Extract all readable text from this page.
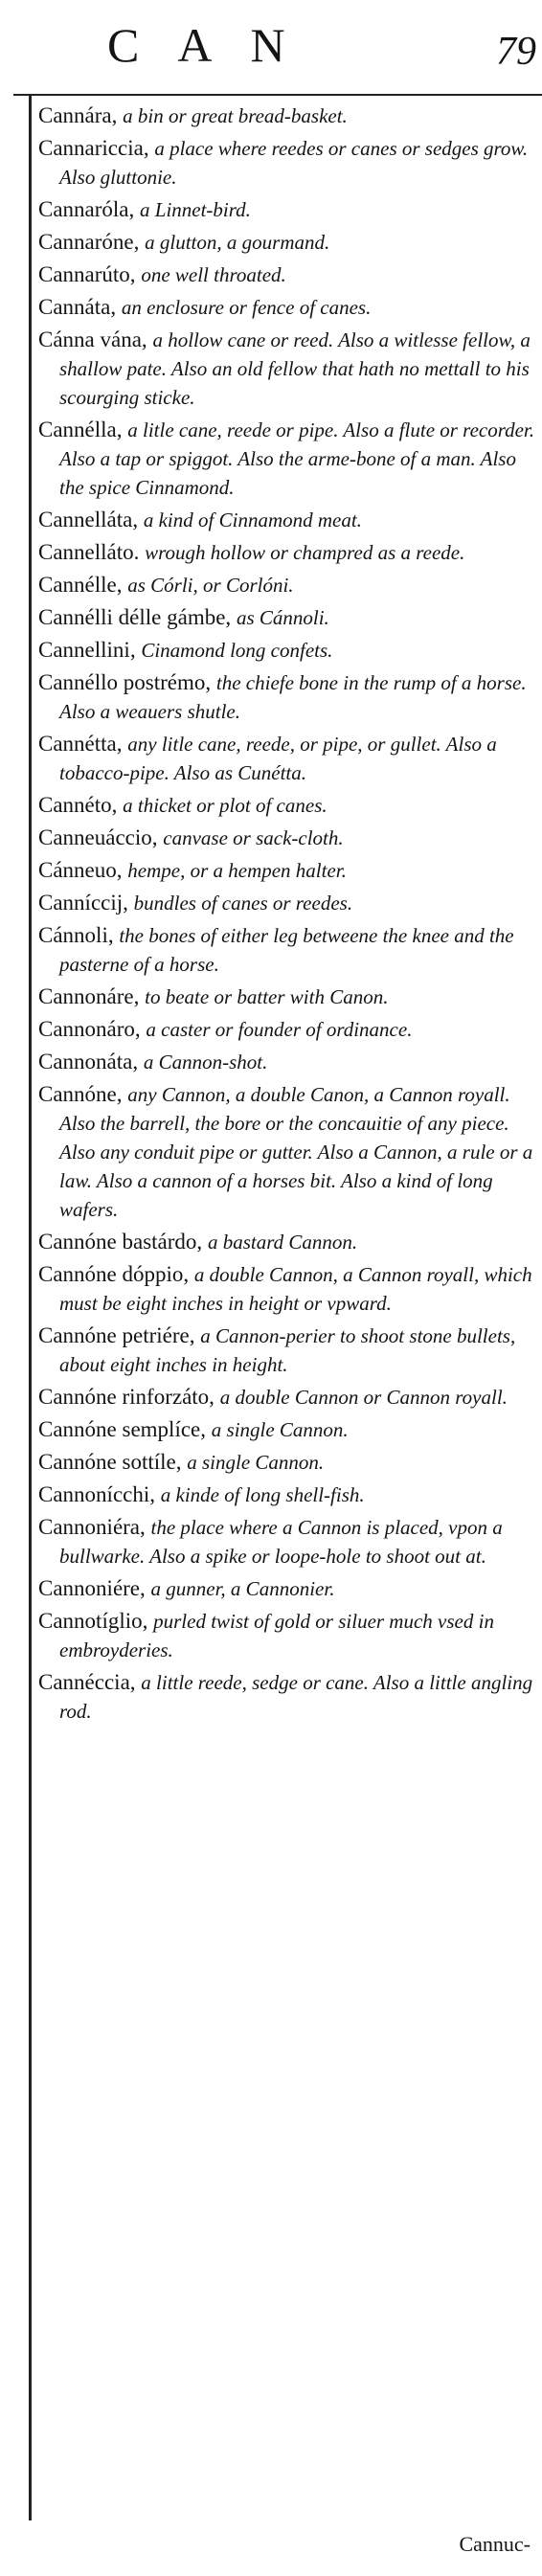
CAN	79

Cannára, a bin or great bread-basket.

Cannariccia, a place where reedes or canes or sedges grow. Also gluttonie.

Cannaróla, a Linnet-bird.

Cannaróne, a glutton, a gourmand.

Cannarúto, one well throated.

Cannáta, an enclosure or fence of canes.

Cánna vána, a hollow cane or reed. Also a witlesse fellow, a shallow pate. Also an old fellow that hath no mettall to his scourging sticke.

Cannélla, a litle cane, reede or pipe. Also a flute or recorder. Also a tap or spiggot. Also the arme-bone of a man. Also the spice Cinnamond.

Cannelláta, a kind of Cinnamond meat.

Cannelláto. wrough hollow or champred as a reede.

Cannélle, as Córli, or Corlóni.

Cannélli délle gámbe, as Cánnoli.

Cannellini, Cinamond long confets.

Cannéllo postrémo, the chiefe bone in the rump of a horse. Also a weauers shutle.

Cannétta, any litle cane, reede, or pipe, or gullet. Also a tobacco-pipe. Also as Cunétta.

Cannéto, a thicket or plot of canes.

Canneuáccio, canvase or sack-cloth.

Cánneuo, hempe, or a hempen halter.

Canníccij, bundles of canes or reedes.

Cánnoli, the bones of either leg betweene the knee and the pasterne of a horse.

Cannonáre, to beate or batter with Canon.

Cannonáro, a caster or founder of ordinance.

Cannonáta, a Cannon-shot.

Cannóne, any Cannon, a double Canon, a Cannon royall. Also the barrell, the bore or the concauitie of any piece. Also any conduit pipe or gutter. Also a Cannon, a rule or a law. Also a cannon of a horses bit. Also a kind of long wafers.

Cannóne bastárdo, a bastard Cannon.

Cannóne dóppio, a double Cannon, a Cannon royall, which must be eight inches in height or vpward.

Cannóne petriére, a Cannon-perier to shoot stone bullets, about eight inches in height.

Cannóne rinforzáto, a double Cannon or Cannon royall.

Cannóne semplíce, a single Cannon.

Cannóne sottíle, a single Cannon.

Cannonícchi, a kinde of long shell-fish.

Cannoniéra, the place where a Cannon is placed, vpon a bullwarke. Also a spike or loope-hole to shoot out at.

Cannoniére, a gunner, a Cannonier.

Cannotíglio, purled twist of gold or siluer much vsed in embroyderies.

Cannéccia, a little reede, sedge or cane. Also a little angling rod.

Cannuc-
